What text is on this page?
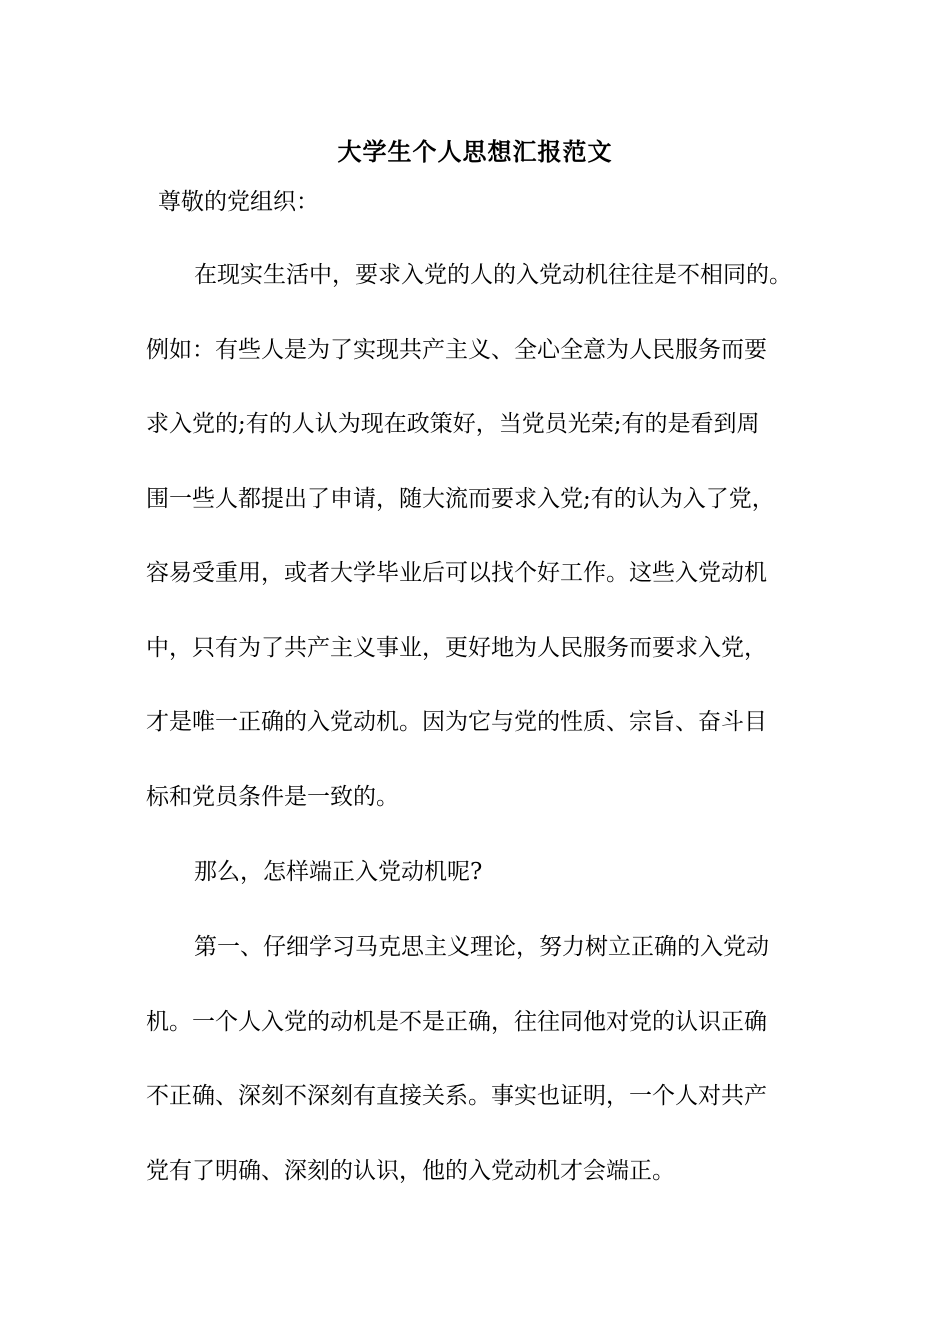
大学生个人思想汇报范文
尊敬的党组织：
在现实生活中，要求入党的人的入党动机往往是不相同的。
例如：有些人是为了实现共产主义、全心全意为人民服务而要
求入党的;有的人认为现在政策好，当党员光荣;有的是看到周
围一些人都提出了申请，随大流而要求入党;有的认为入了党，
容易受重用，或者大学毕业后可以找个好工作。这些入党动机
中，只有为了共产主义事业，更好地为人民服务而要求入党，
才是唯一正确的入党动机。因为它与党的性质、宗旨、奋斗目
标和党员条件是一致的。
那么，怎样端正入党动机呢?
第一、仔细学习马克思主义理论，努力树立正确的入党动
机。一个人入党的动机是不是正确，往往同他对党的认识正确
不正确、深刻不深刻有直接关系。事实也证明，一个人对共产
党有了明确、深刻的认识，他的入党动机才会端正。
